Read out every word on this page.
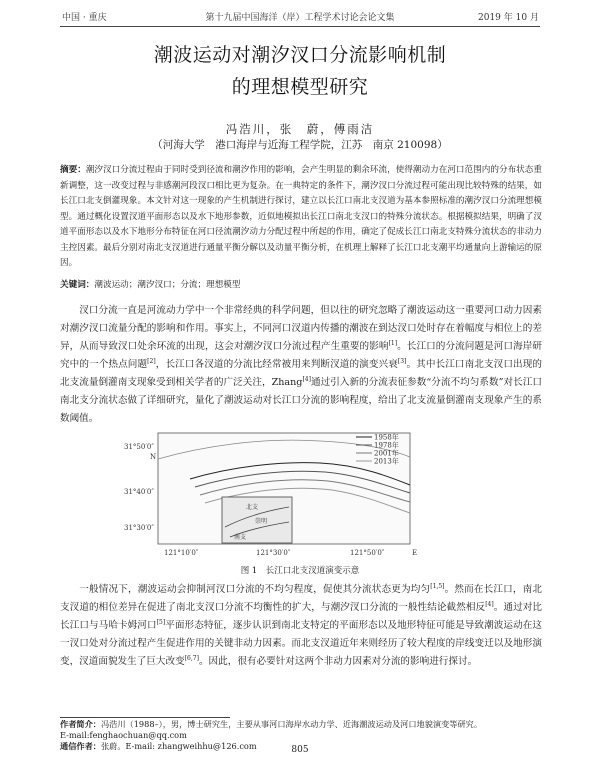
中国 · 重庆	第十九届中国海洋（岸）工程学术讨论会论文集	2019 年 10 月
潮波运动对潮汐汊口分流影响机制
的理想模型研究
冯浩川，张　蔚，傅雨洁
（河海大学　港口海岸与近海工程学院，江苏　南京 210098）
摘要：潮汐汊口分流过程由于同时受到径流和潮汐作用的影响，会产生明显的剩余环流，使得潮动力在河口范围内的分布状态重新调整，这一改变过程与非感潮河段汊口相比更为复杂。在一典特定的条件下，潮汐汊口分流过程可能出现比较特殊的结果，如长江口北支倒灌现象。本文针对这一现象的产生机制进行探讨，建立以长江口南北支汊道为基本参照标准的潮汐汊口分流理想模型。通过概化设置汊道平面形态以及水下地形参数，近似地模拟出长江口南北支汊口的特殊分流状态。根据模拟结果，明确了汊道平面形态以及水下地形分布特征在河口径流潮汐动力分配过程中所起的作用，确定了促成长江口南北支特殊分流状态的非动力主控因素。最后分别对南北支汊道进行通量平衡分解以及动量平衡分析，在机理上解释了长江口北支潮平均通量向上游输运的原因。
关键词：潮波运动；潮汐汊口；分流；理想模型

汊口分流一直是河流动力学中一个非常经典的科学问题，但以往的研究忽略了潮波运动这一重要河口动力因素对潮汐汊口流量分配的影响和作用。事实上，不同河口汊道内传播的潮波在到达汊口处时存在着幅度与相位上的差异，从而导致汊口处余环流的出现，这会对潮汐汊口分流过程产生重要的影响[1]。长江口的分流问题是河口海岸研究中的一个热点问题[2]，长江口各汊道的分流比经常被用来判断汊道的演变兴衰[3]。其中长江口南北支汊口出现的北支流量倒灌南支现象受到相关学者的广泛关注，Zhang[4]通过引入新的分流表征参数“分流不均匀系数”对长江口南北支分流状态做了详细研究，量化了潮波运动对长江口分流的影响程度，给出了北支流量倒灌南支现象产生的系数阈值。

北支
崇明
南支
1958年
1978年
2001年
2013年
31°50′0″
N
31°40′0″
31°30′0″
121°10′0″	121°30′0″	121°50′0″	E
图 1　长江口北支汊道演变示意

一般情况下，潮波运动会抑制河汊口分流的不均匀程度，促使其分流状态更为均匀[1,5]。然而在长江口，南北支汊道的相位差异在促进了南北支汊口分流不均衡性的扩大，与潮汐汊口分流的一般性结论截然相反[4]。通过对比长江口与马哈卡姆河口[5]平面形态特征，逐步认识到南北支特定的平面形态以及地形特征可能是导致潮波运动在这一汊口处对分流过程产生促进作用的关键非动力因素。而北支汊道近年来则经历了较大程度的岸线变迁以及地形演变，汊道面貌发生了巨大改变[6,7]。因此，很有必要针对这两个非动力因素对分流的影响进行探讨。

作者简介：冯浩川（1988–），男，博士研究生，主要从事河口海岸水动力学、近海潮波运动及河口地貌演变等研究。
E-mail:fenghaochuan@qq.com
通信作者：张蔚。E-mail: zhangweihhu@126.com	805
